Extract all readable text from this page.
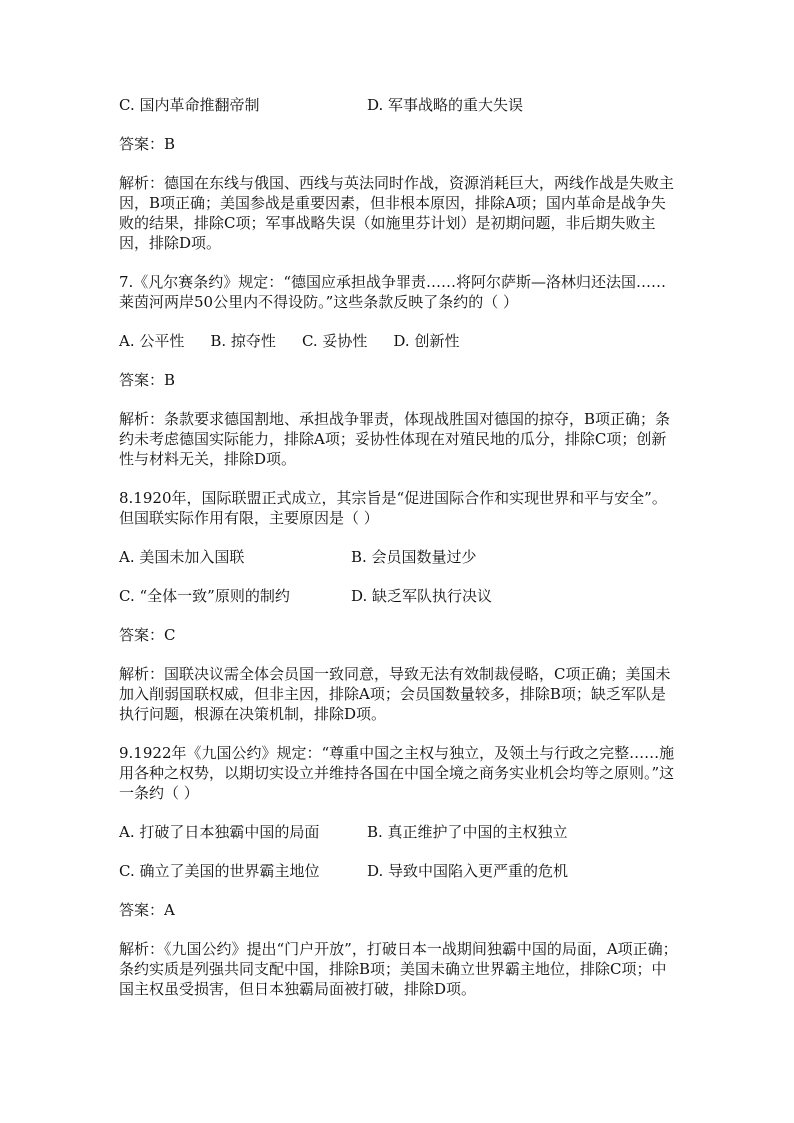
C. 国内革命推翻帝制	D. 军事战略的重大失误
答案：B
解析：德国在东线与俄国、西线与英法同时作战，资源消耗巨大，两线作战是失败主因，B项正确；美国参战是重要因素，但非根本原因，排除A项；国内革命是战争失败的结果，排除C项；军事战略失误（如施里芬计划）是初期问题，非后期失败主因，排除D项。
7.《凡尔赛条约》规定：“德国应承担战争罪责……将阿尔萨斯—洛林归还法国……莱茵河两岸50公里内不得设防。”这些条款反映了条约的（ ）
A. 公平性 B. 掠夺性 C. 妥协性 D. 创新性
答案：B
解析：条款要求德国割地、承担战争罪责，体现战胜国对德国的掠夺，B项正确；条约未考虑德国实际能力，排除A项；妥协性体现在对殖民地的瓜分，排除C项；创新性与材料无关，排除D项。
8.1920年，国际联盟正式成立，其宗旨是“促进国际合作和实现世界和平与安全”。但国联实际作用有限，主要原因是（ ）
A. 美国未加入国联	B. 会员国数量过少
C. “全体一致”原则的制约	D. 缺乏军队执行决议
答案：C
解析：国联决议需全体会员国一致同意，导致无法有效制裁侵略，C项正确；美国未加入削弱国联权威，但非主因，排除A项；会员国数量较多，排除B项；缺乏军队是执行问题，根源在决策机制，排除D项。
9.1922年《九国公约》规定：“尊重中国之主权与独立，及领土与行政之完整……施用各种之权势，以期切实设立并维持各国在中国全境之商务实业机会均等之原则。”这一条约（ ）
A. 打破了日本独霸中国的局面	B. 真正维护了中国的主权独立
C. 确立了美国的世界霸主地位	D. 导致中国陷入更严重的危机
答案：A
解析：《九国公约》提出“门户开放”，打破日本一战期间独霸中国的局面，A项正确；条约实质是列强共同支配中国，排除B项；美国未确立世界霸主地位，排除C项；中国主权虽受损害，但日本独霸局面被打破，排除D项。
